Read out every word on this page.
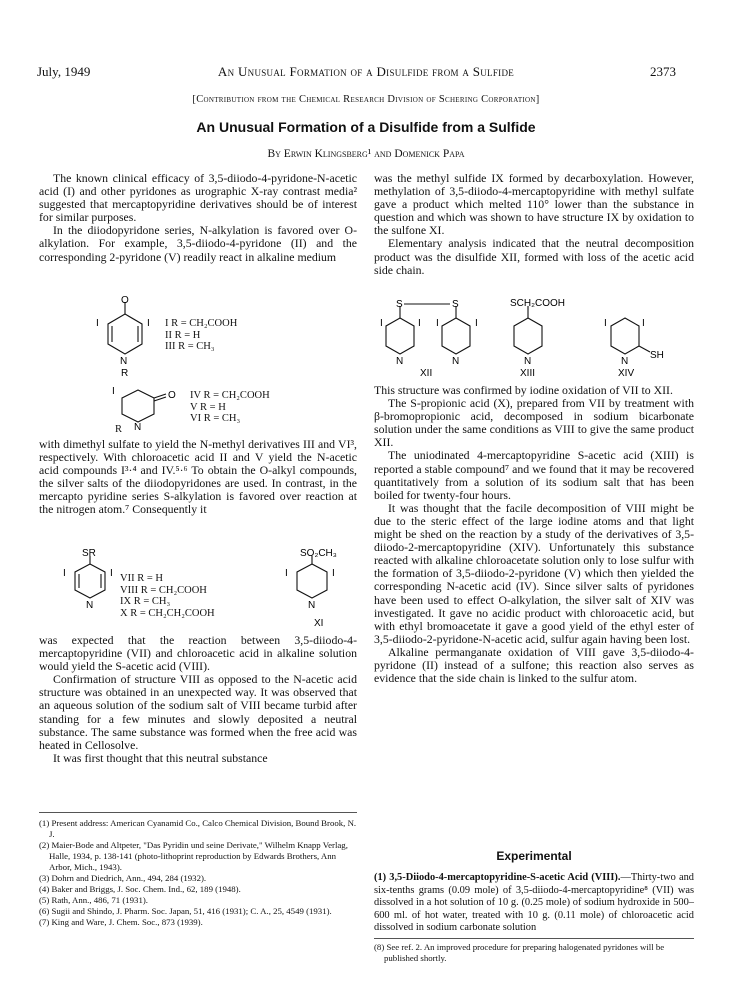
July, 1949	An Unusual Formation of a Disulfide from a Sulfide	2373
[Contribution from the Chemical Research Division of Schering Corporation]
An Unusual Formation of a Disulfide from a Sulfide
By Erwin Klingsberg¹ and Domenick Papa

The known clinical efficacy of 3,5-diiodo-4-pyridone-N-acetic acid (I) and other pyridones as urographic X-ray contrast media² suggested that mercaptopyridine derivatives should be of interest for similar purposes.

In the diiodopyridone series, N-alkylation is favored over O-alkylation. For example, 3,5-diiodo-4-pyridone (II) and the corresponding 2-pyridone (V) readily react in alkaline medium

O
I	I
N
R
I R = CH₂COOH
II R = H
III R = CH₃
I	O
N
R
IV R = CH₂COOH
V R = H
VI R = CH₃

with dimethyl sulfate to yield the N-methyl derivatives III and VI³, respectively. With chloroacetic acid II and V yield the N-acetic acid compounds I³·⁴ and IV.⁵·⁶ To obtain the O-alkyl compounds, the silver salts of the diiodopyridones are used. In contrast, in the mercapto pyridine series S-alkylation is favored over reaction at the nitrogen atom.⁷ Consequently it

SR
I	I
N
VII R = H
VIII R = CH₂COOH
IX R = CH₃
X R = CH₂CH₂COOH
SO₂CH₃
I	I
N
XI

was expected that the reaction between 3,5-diiodo-4-mercaptopyridine (VII) and chloroacetic acid in alkaline solution would yield the S-acetic acid (VIII).

Confirmation of structure VIII as opposed to the N-acetic acid structure was obtained in an unexpected way. It was observed that an aqueous solution of the sodium salt of VIII became turbid after standing for a few minutes and slowly deposited a neutral substance. The same substance was formed when the free acid was heated in Cellosolve.

It was first thought that this neutral substance

(1) Present address: American Cyanamid Co., Calco Chemical Division, Bound Brook, N. J.
(2) Maier-Bode and Altpeter, "Das Pyridin und seine Derivate," Wilhelm Knapp Verlag, Halle, 1934, p. 138-141 (photo-lithoprint reproduction by Edwards Brothers, Ann Arbor, Mich., 1943).
(3) Dohrn and Diedrich, Ann., 494, 284 (1932).
(4) Baker and Briggs, J. Soc. Chem. Ind., 62, 189 (1948).
(5) Rath, Ann., 486, 71 (1931).
(6) Sugii and Shindo, J. Pharm. Soc. Japan, 51, 416 (1931); C. A., 25, 4549 (1931).
(7) King and Ware, J. Chem. Soc., 873 (1939).

was the methyl sulfide IX formed by decarboxylation. However, methylation of 3,5-diiodo-4-mercaptopyridine with methyl sulfate gave a product which melted 110° lower than the substance in question and which was shown to have structure IX by oxidation to the sulfone XI.

Elementary analysis indicated that the neutral decomposition product was the disulfide XII, formed with loss of the acetic acid side chain.

S	S	SCH₂COOH
I	I I	I	I	I
N	N	N	N
SH
XII	XIII	XIV

This structure was confirmed by iodine oxidation of VII to XII.

The S-propionic acid (X), prepared from VII by treatment with β-bromopropionic acid, decomposed in sodium bicarbonate solution under the same conditions as VIII to give the same product XII.

The uniodinated 4-mercaptopyridine S-acetic acid (XIII) is reported a stable compound⁷ and we found that it may be recovered quantitatively from a solution of its sodium salt that has been boiled for twenty-four hours.

It was thought that the facile decomposition of VIII might be due to the steric effect of the large iodine atoms and that light might be shed on the reaction by a study of the derivatives of 3,5-diiodo-2-mercaptopyridine (XIV). Unfortunately this substance reacted with alkaline chloroacetate solution only to lose sulfur with the formation of 3,5-diiodo-2-pyridone (V) which then yielded the corresponding N-acetic acid (IV). Since silver salts of pyridones have been used to effect O-alkylation, the silver salt of XIV was investigated. It gave no acidic product with chloroacetic acid, but with ethyl bromoacetate it gave a good yield of the ethyl ester of 3,5-diiodo-2-pyridone-N-acetic acid, sulfur again having been lost.

Alkaline permanganate oxidation of VIII gave 3,5-diiodo-4-pyridone (II) instead of a sulfone; this reaction also serves as evidence that the side chain is linked to the sulfur atom.

Experimental
(1) 3,5-Diiodo-4-mercaptopyridine-S-acetic Acid (VIII).—Thirty-two and six-tenths grams (0.09 mole) of 3,5-diiodo-4-mercaptopyridine⁸ (VII) was dissolved in a hot solution of 10 g. (0.25 mole) of sodium hydroxide in 500–600 ml. of hot water, treated with 10 g. (0.11 mole) of chloroacetic acid dissolved in sodium carbonate solution
(8) See ref. 2. An improved procedure for preparing halogenated pyridones will be published shortly.
